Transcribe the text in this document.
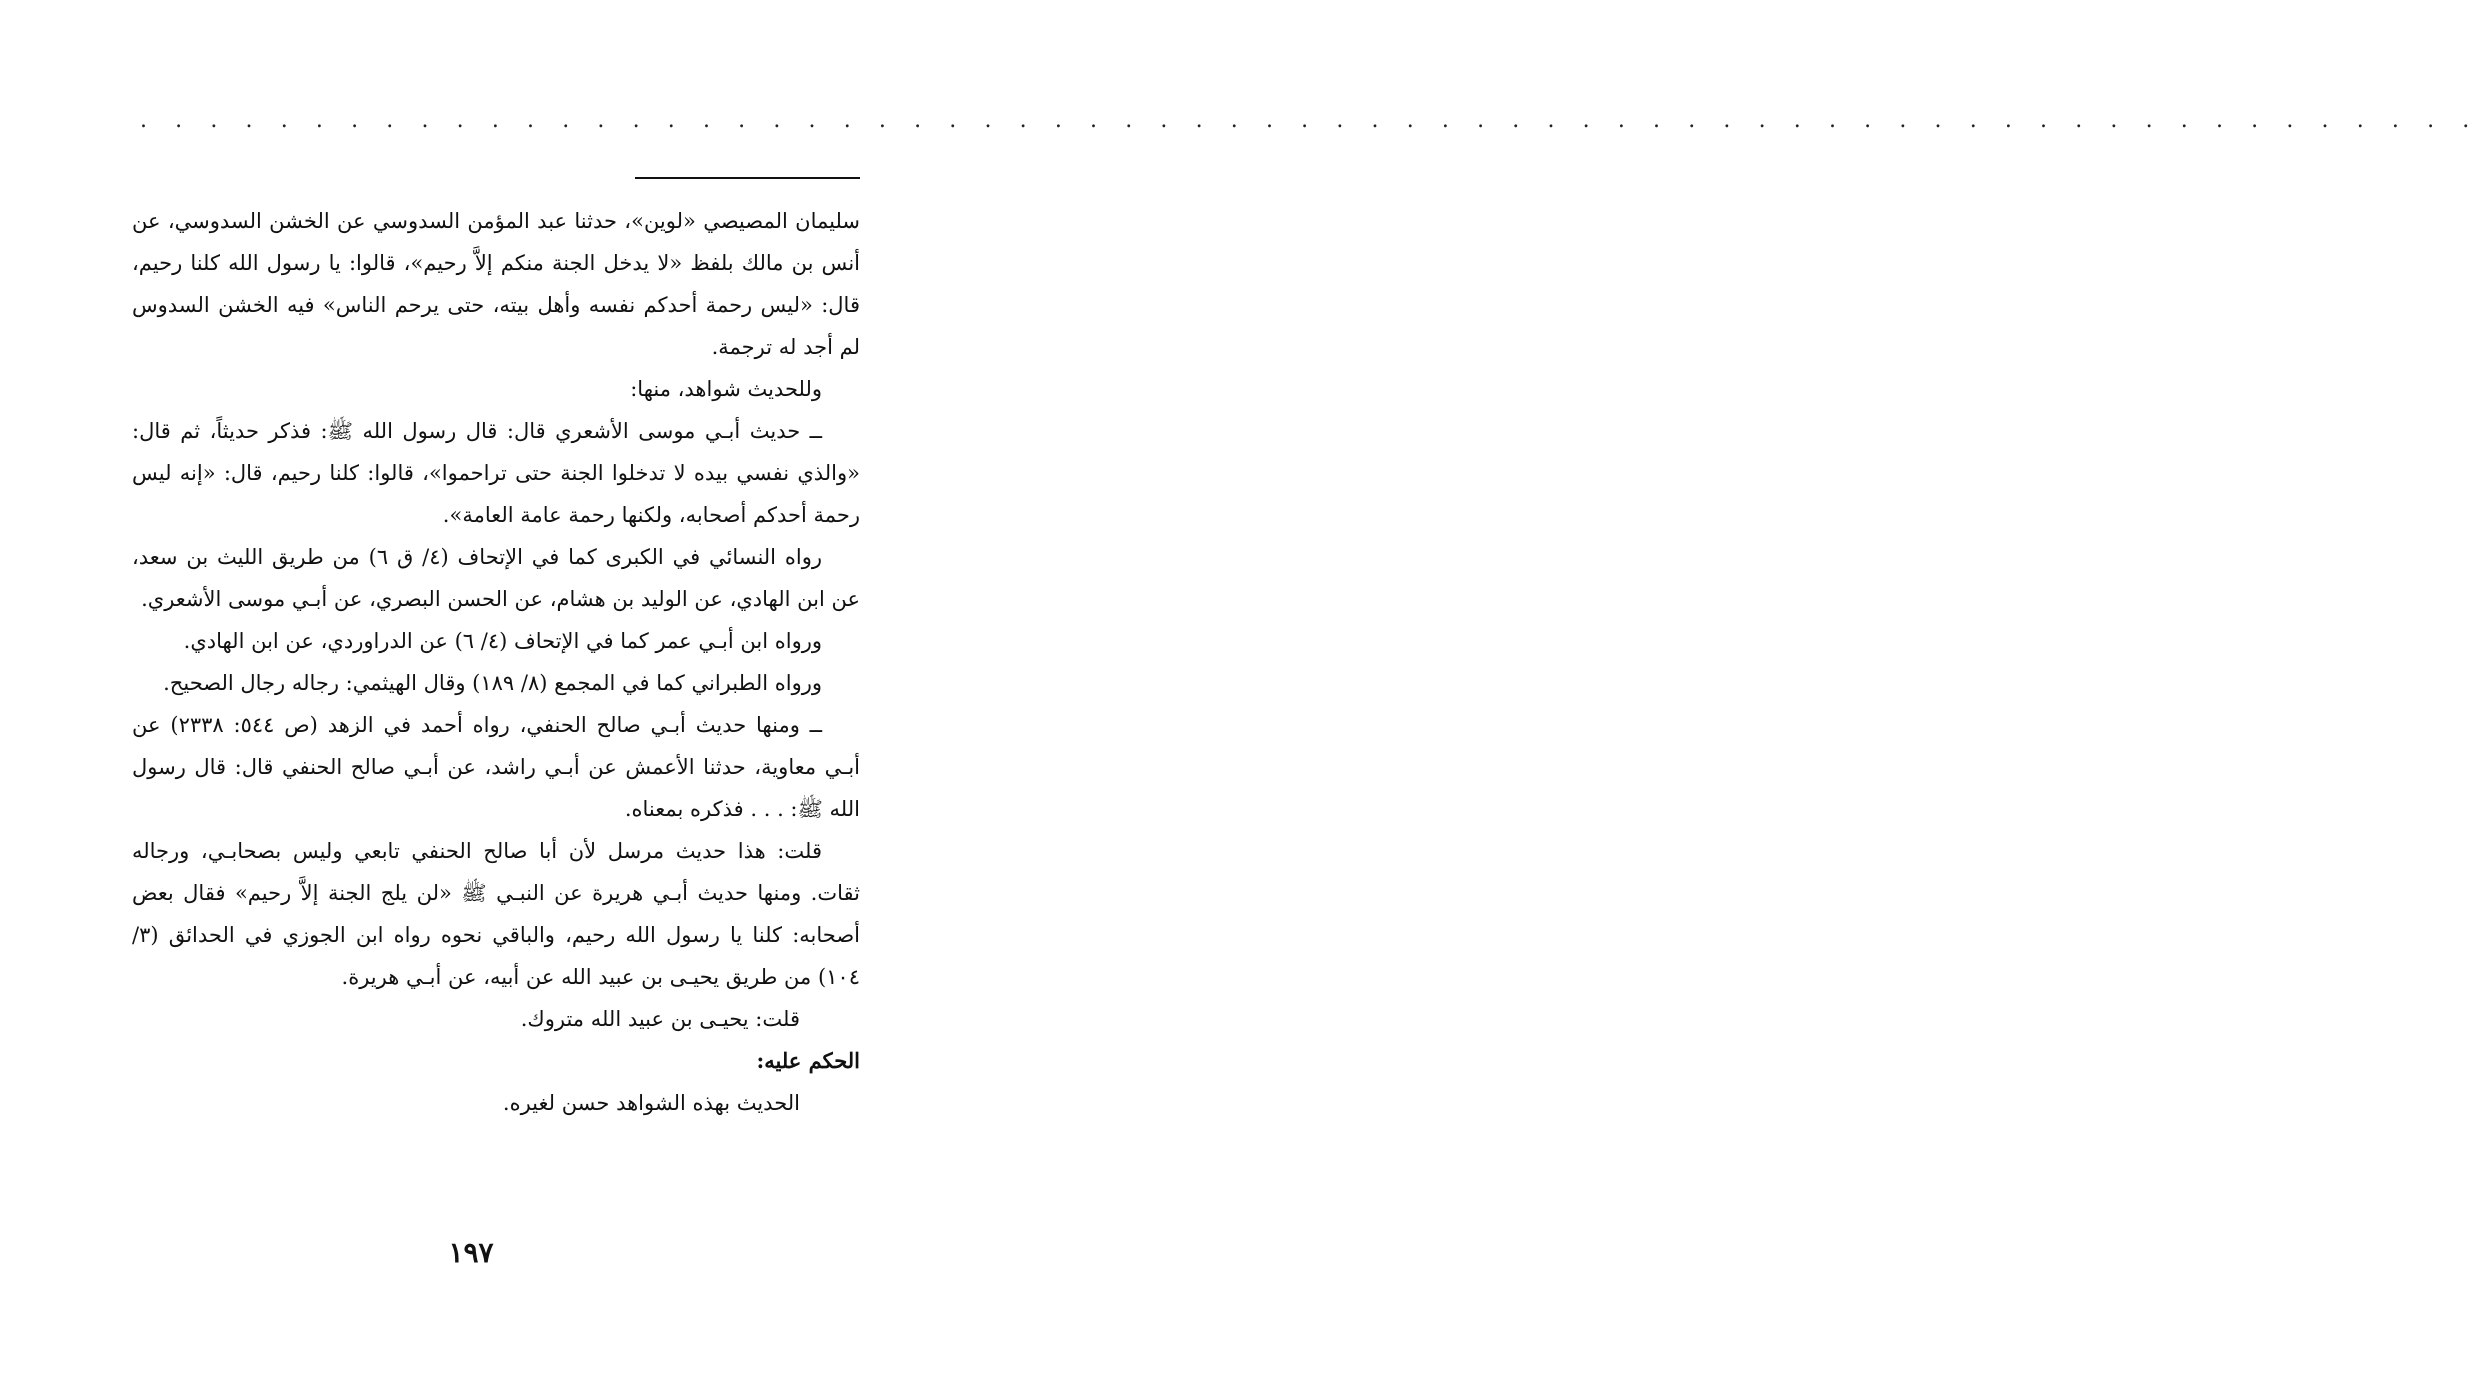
. . . . . . . . . . . . . . . . . . . . . . . . . . . . . . . . . . . . . . . . . . . . . . . . . . . . . . . . . . . . . . . . . . .

سليمان المصيصي «لوين»، حدثنا عبد المؤمن السدوسي عن الخشن السدوسي، عن أنس بن مالك بلفظ «لا يدخل الجنة منكم إلاَّ رحيم»، قالوا: يا رسول الله كلنا رحيم، قال: «ليس رحمة أحدكم نفسه وأهل بيته، حتى يرحم الناس» فيه الخشن السدوس لم أجد له ترجمة.

وللحديث شواهد، منها:

ــ حديث أبـي موسى الأشعري قال: قال رسول الله ﷺ: فذكر حديثاً، ثم قال: «والذي نفسي بيده لا تدخلوا الجنة حتى تراحموا»، قالوا: كلنا رحيم، قال: «إنه ليس رحمة أحدكم أصحابه، ولكنها رحمة عامة العامة».

رواه النسائي في الكبرى كما في الإتحاف (٤/ ق ٦) من طريق الليث بن سعد، عن ابن الهادي، عن الوليد بن هشام، عن الحسن البصري، عن أبـي موسى الأشعري.

ورواه ابن أبـي عمر كما في الإتحاف (٤/ ٦) عن الدراوردي، عن ابن الهادي.

ورواه الطبراني كما في المجمع (٨/ ١٨٩) وقال الهيثمي: رجاله رجال الصحيح.

ــ ومنها حديث أبـي صالح الحنفي، رواه أحمد في الزهد (ص ٥٤٤: ٢٣٣٨) عن أبـي معاوية، حدثنا الأعمش عن أبـي راشد، عن أبـي صالح الحنفي قال: قال رسول الله ﷺ: . . . فذكره بمعناه.

قلت: هذا حديث مرسل لأن أبا صالح الحنفي تابعي وليس بصحابـي، ورجاله ثقات. ومنها حديث أبـي هريرة عن النبـي ﷺ «لن يلج الجنة إلاَّ رحيم» فقال بعض أصحابه: كلنا يا رسول الله رحيم، والباقي نحوه رواه ابن الجوزي في الحدائق (٣/ ١٠٤) من طريق يحيـى بن عبيد الله عن أبيه، عن أبـي هريرة.

قلت: يحيـى بن عبيد الله متروك.

الحكم عليه:

الحديث بهذه الشواهد حسن لغيره.

١٩٧
